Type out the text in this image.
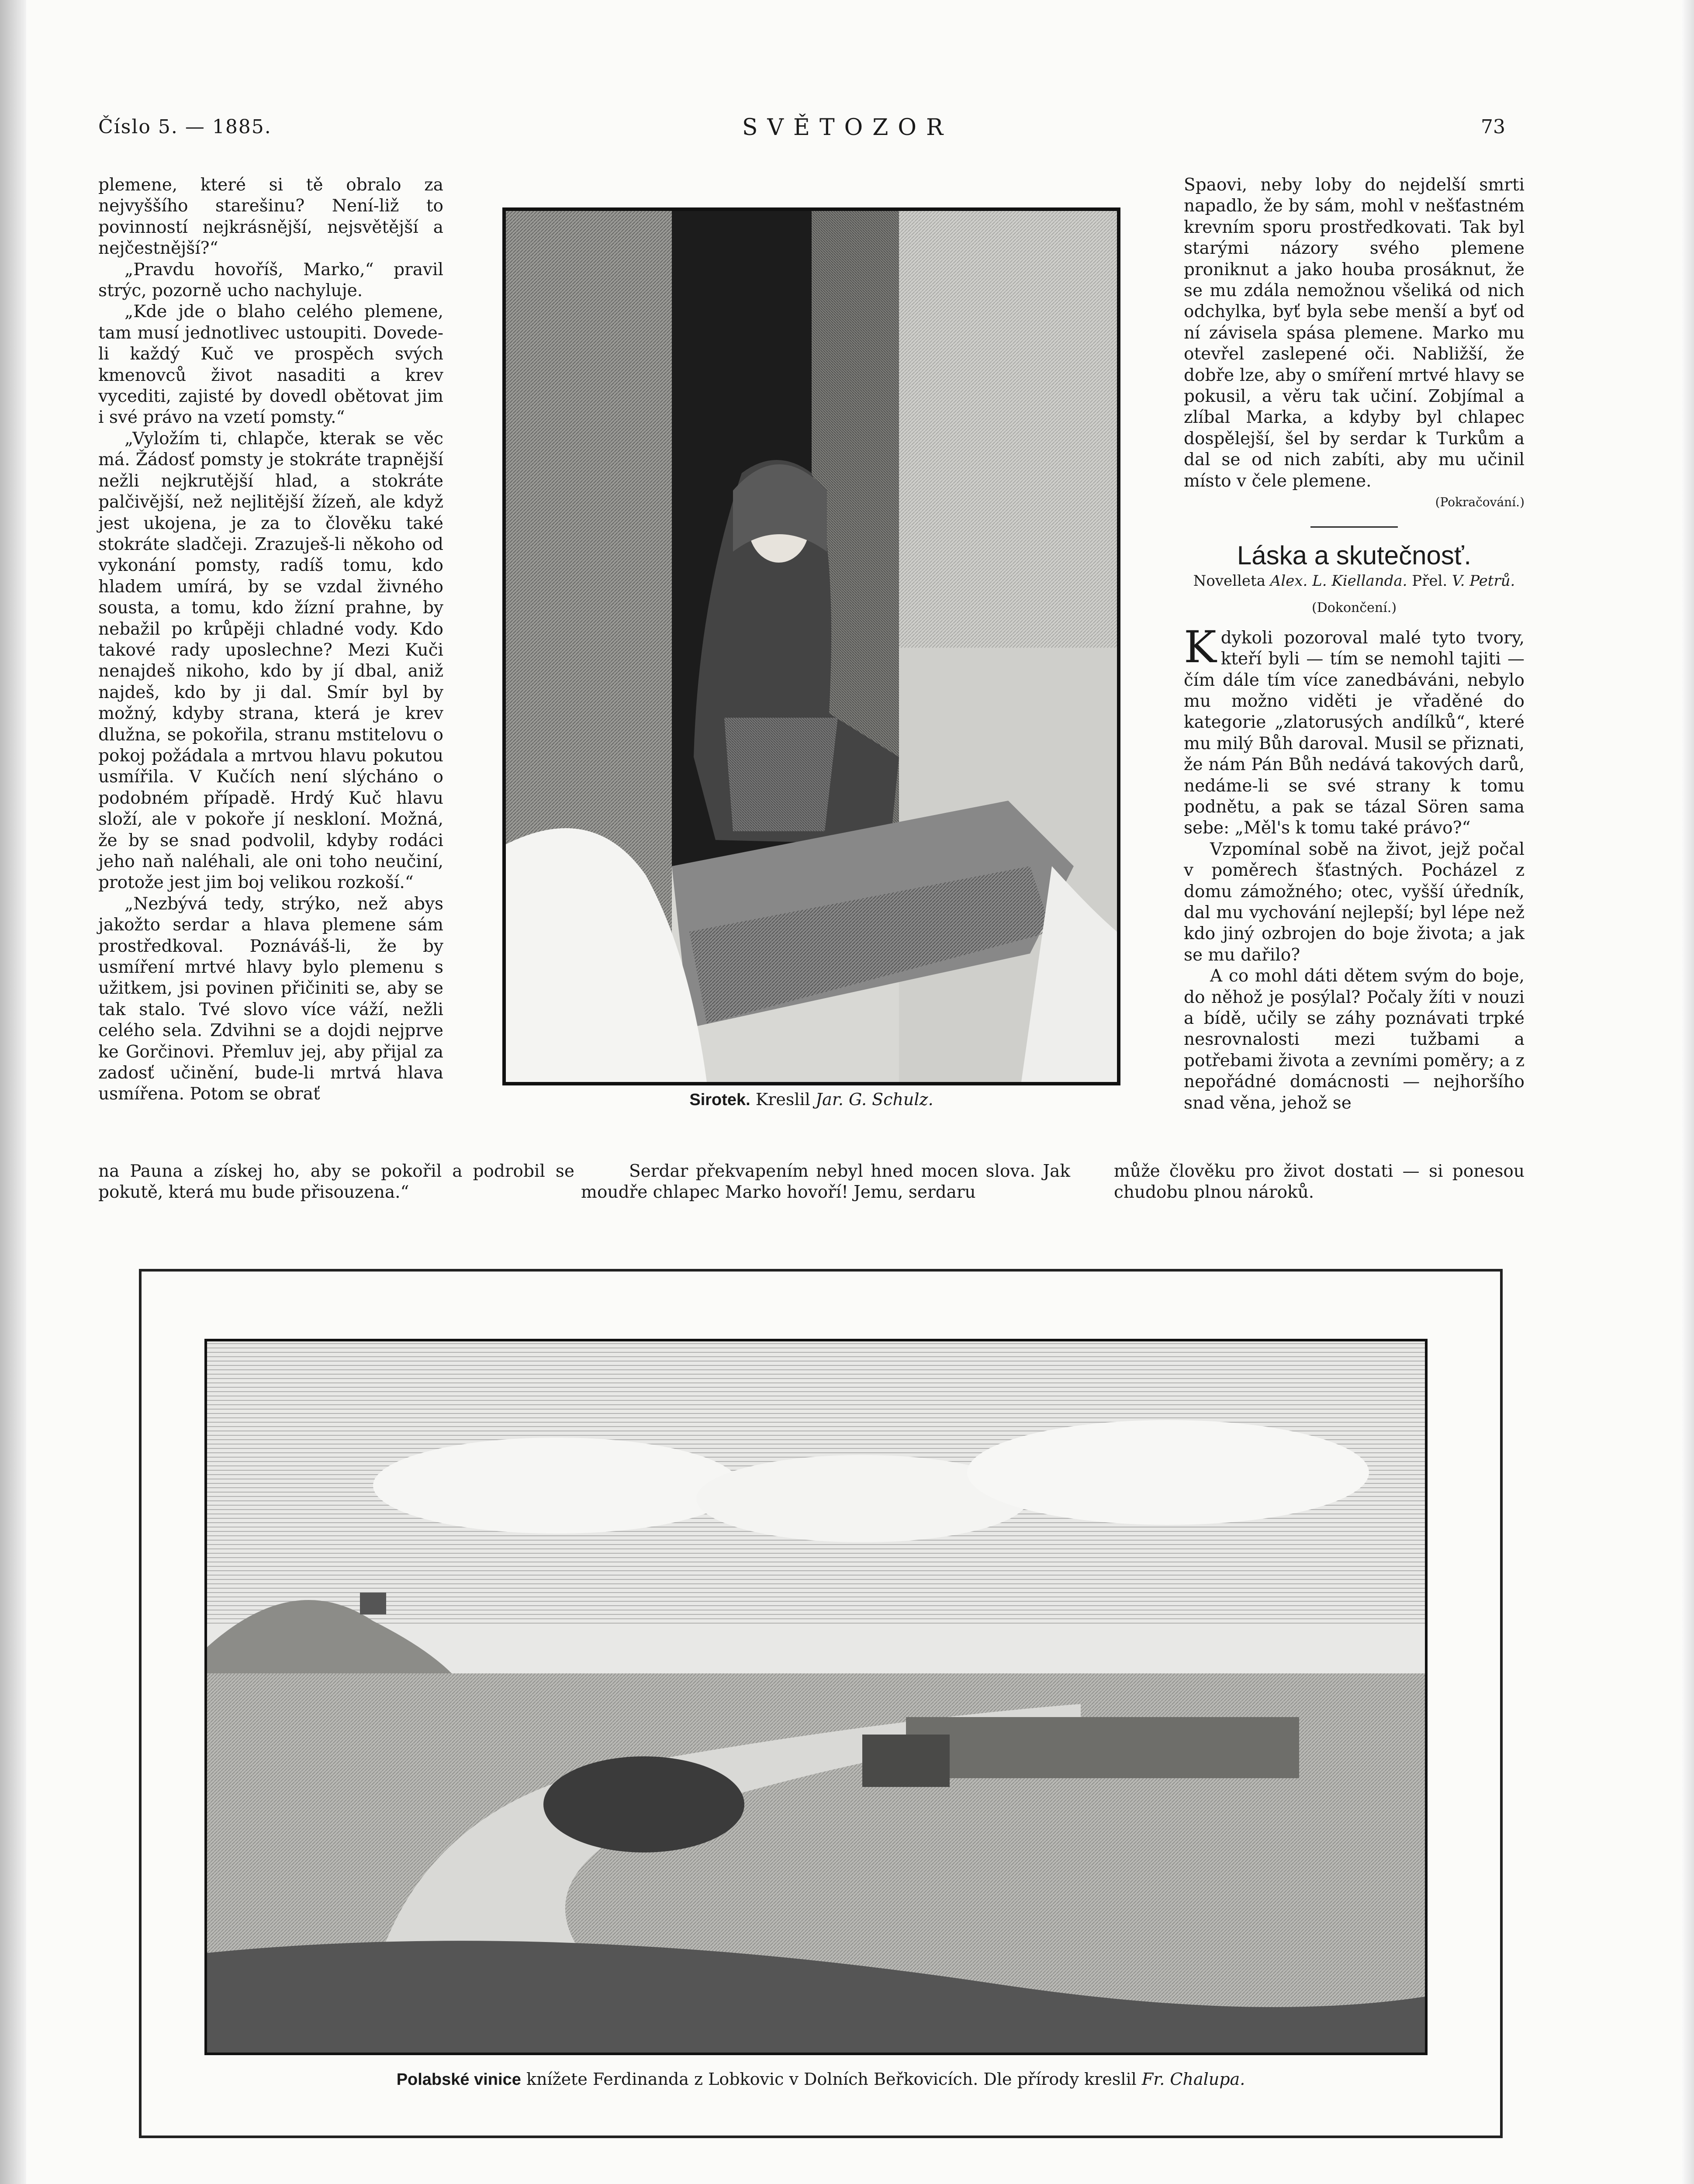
Číslo 5. — 1885.	SVĚTOZOR	73

plemene, které si tě obralo za nejvyššího starešinu? Není-liž to povinností nejkrásnější, nejsvětější a nejčestnější?“

„Pravdu hovoříš, Marko,“ pravil strýc, pozorně ucho nachyluje.

„Kde jde o blaho celého plemene, tam musí jednotlivec ustoupiti. Dovede-li každý Kuč ve prospěch svých kmenovců život nasaditi a krev vycediti, zajisté by dovedl obětovat jim i své právo na vzetí pomsty.“

„Vyložím ti, chlapče, kterak se věc má. Žádosť pomsty je stokráte trapnější nežli nejkrutější hlad, a stokráte palčivější, než nejlitější žízeň, ale když jest ukojena, je za to člověku také stokráte sladčeji. Zrazuješ-li někoho od vykonání pomsty, radíš tomu, kdo hladem umírá, by se vzdal živného sousta, a tomu, kdo žízní prahne, by nebažil po krůpěji chladné vody. Kdo takové rady uposlechne? Mezi Kuči nenajdeš nikoho, kdo by jí dbal, aniž najdeš, kdo by ji dal. Smír byl by možný, kdyby strana, která je krev dlužna, se pokořila, stranu mstitelovu o pokoj požádala a mrtvou hlavu pokutou usmířila. V Kučích není slýcháno o podobném případě. Hrdý Kuč hlavu složí, ale v pokoře jí neskloní. Možná, že by se snad podvolil, kdyby rodáci jeho naň naléhali, ale oni toho neučiní, protože jest jim boj velikou rozkoší.“

„Nezbývá tedy, strýko, než abys jakožto serdar a hlava plemene sám prostředkoval. Poznáváš-li, že by usmíření mrtvé hlavy bylo plemenu s užitkem, jsi povinen přičiniti se, aby se tak stalo. Tvé slovo více váží, nežli celého sela. Zdvihni se a dojdi nejprve ke Gorčinovi. Přemluv jej, aby přijal za zadosť učinění, bude-li mrtvá hlava usmířena. Potom se obrať

na Pauna a získej ho, aby se pokořil a podrobil se pokutě, která mu bude přisouzena.“
Sirotek. Kreslil Jar. G. Schulz.

Serdar překvapením nebyl hned mocen slova. Jak moudře chlapec Marko hovoří! Jemu, serdaru

Spaovi, neby loby do nejdelší smrti napadlo, že by sám, mohl v nešťastném krevním sporu prostředkovati. Tak byl starými názory svého plemene proniknut a jako houba prosáknut, že se mu zdála nemožnou všeliká od nich odchylka, byť byla sebe menší a byť od ní závisela spása plemene. Marko mu otevřel zaslepené oči. Nabližší, že dobře lze, aby o smíření mrtvé hlavy se pokusil, a věru tak učiní. Zobjímal a zlíbal Marka, a kdyby byl chlapec dospělejší, šel by serdar k Turkům a dal se od nich zabíti, aby mu učinil místo v čele plemene.

(Pokračování.)
Láska a skutečnosť.
Novelleta Alex. L. Kiellanda. Přel. V. Petrů.
(Dokončení.)

Kdykoli pozoroval malé tyto tvory, kteří byli — tím se nemohl tajiti — čím dále tím více zanedbáváni, nebylo mu možno viděti je vřaděné do kategorie „zlatorusých andílků“, které mu milý Bůh daroval. Musil se přiznati, že nám Pán Bůh nedává takových darů, nedáme-li se své strany k tomu podnětu, a pak se tázal Sören sama sebe: „Měl's k tomu také právo?“

Vzpomínal sobě na život, jejž počal v poměrech šťastných. Pocházel z domu zámožného; otec, vyšší úředník, dal mu vychování nejlepší; byl lépe než kdo jiný ozbrojen do boje života; a jak se mu dařilo?

A co mohl dáti dětem svým do boje, do něhož je posýlal? Počaly žíti v nouzi a bídě, učily se záhy poznávati trpké nesrovnalosti mezi tužbami a potřebami života a zevními poměry; a z nepořádné domácnosti — nejhoršího snad věna, jehož se

může člověku pro život dostati — si ponesou chudobu plnou nároků.
Polabské vinice knížete Ferdinanda z Lobkovic v Dolních Beřkovicích. Dle přírody kreslil Fr. Chalupa.
